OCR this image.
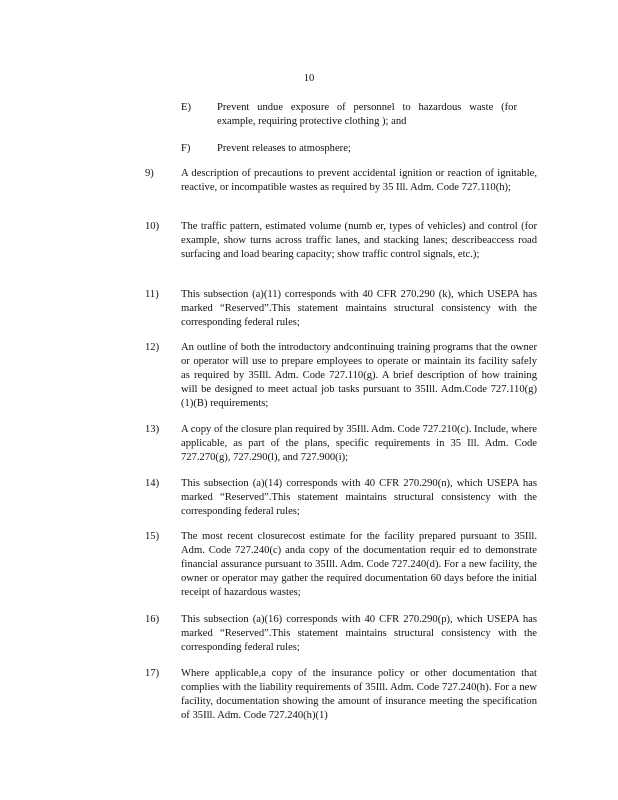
10
E) Prevent undue exposure of personnel to hazardous waste (for example, requiring protective clothing ); and
F)	Prevent releases to atmosphere;
9)	A description of precautions to prevent accidental ignition or reaction of ignitable, reactive, or incompatible wastes as required by 35 Ill. Adm. Code 727.110(h);
10) The traffic pattern, estimated volume (numb er, types of vehicles) and control (for example, show turns across traffic lanes, and stacking lanes; describeaccess road surfacing and load bearing capacity; show traffic control signals, etc.);
11) This subsection (a)(11) corresponds with 40 CFR 270.290 (k), which USEPA has marked “Reserved”.This statement maintains structural consistency with the corresponding federal rules;
12) An outline of both the introductory andcontinuing training programs that the owner or operator will use to prepare employees to operate or maintain its facility safely as required by 35Ill. Adm. Code 727.110(g). A brief description of how training will be designed to meet actual job tasks pursuant to 35Ill. Adm.Code 727.110(g)(1)(B) requirements;
13) A copy of the closure plan required by 35Ill. Adm. Code 727.210(c). Include, where applicable, as part of the plans, specific requirements in 35 Ill. Adm. Code 727.270(g), 727.290(l), and 727.900(i);
14) This subsection (a)(14) corresponds with 40 CFR 270.290(n), which USEPA has marked “Reserved”.This statement maintains structural consistency with the corresponding federal rules;
15) The most recent closurecost estimate for the facility prepared pursuant to 35Ill. Adm. Code 727.240(c) anda copy of the documentation requir ed to demonstrate financial assurance pursuant to 35Ill. Adm. Code 727.240(d). For a new facility, the owner or operator may gather the required documentation 60 days before the initial receipt of hazardous wastes;
16) This subsection (a)(16) corresponds with 40 CFR 270.290(p), which USEPA has marked “Reserved”.This statement maintains structural consistency with the corresponding federal rules;
17) Where applicable,a copy of the insurance policy or other documentation that complies with the liability requirements of 35Ill. Adm. Code 727.240(h). For a new facility, documentation showing the amount of insurance meeting the specification of 35Ill. Adm. Code 727.240(h)(1)
